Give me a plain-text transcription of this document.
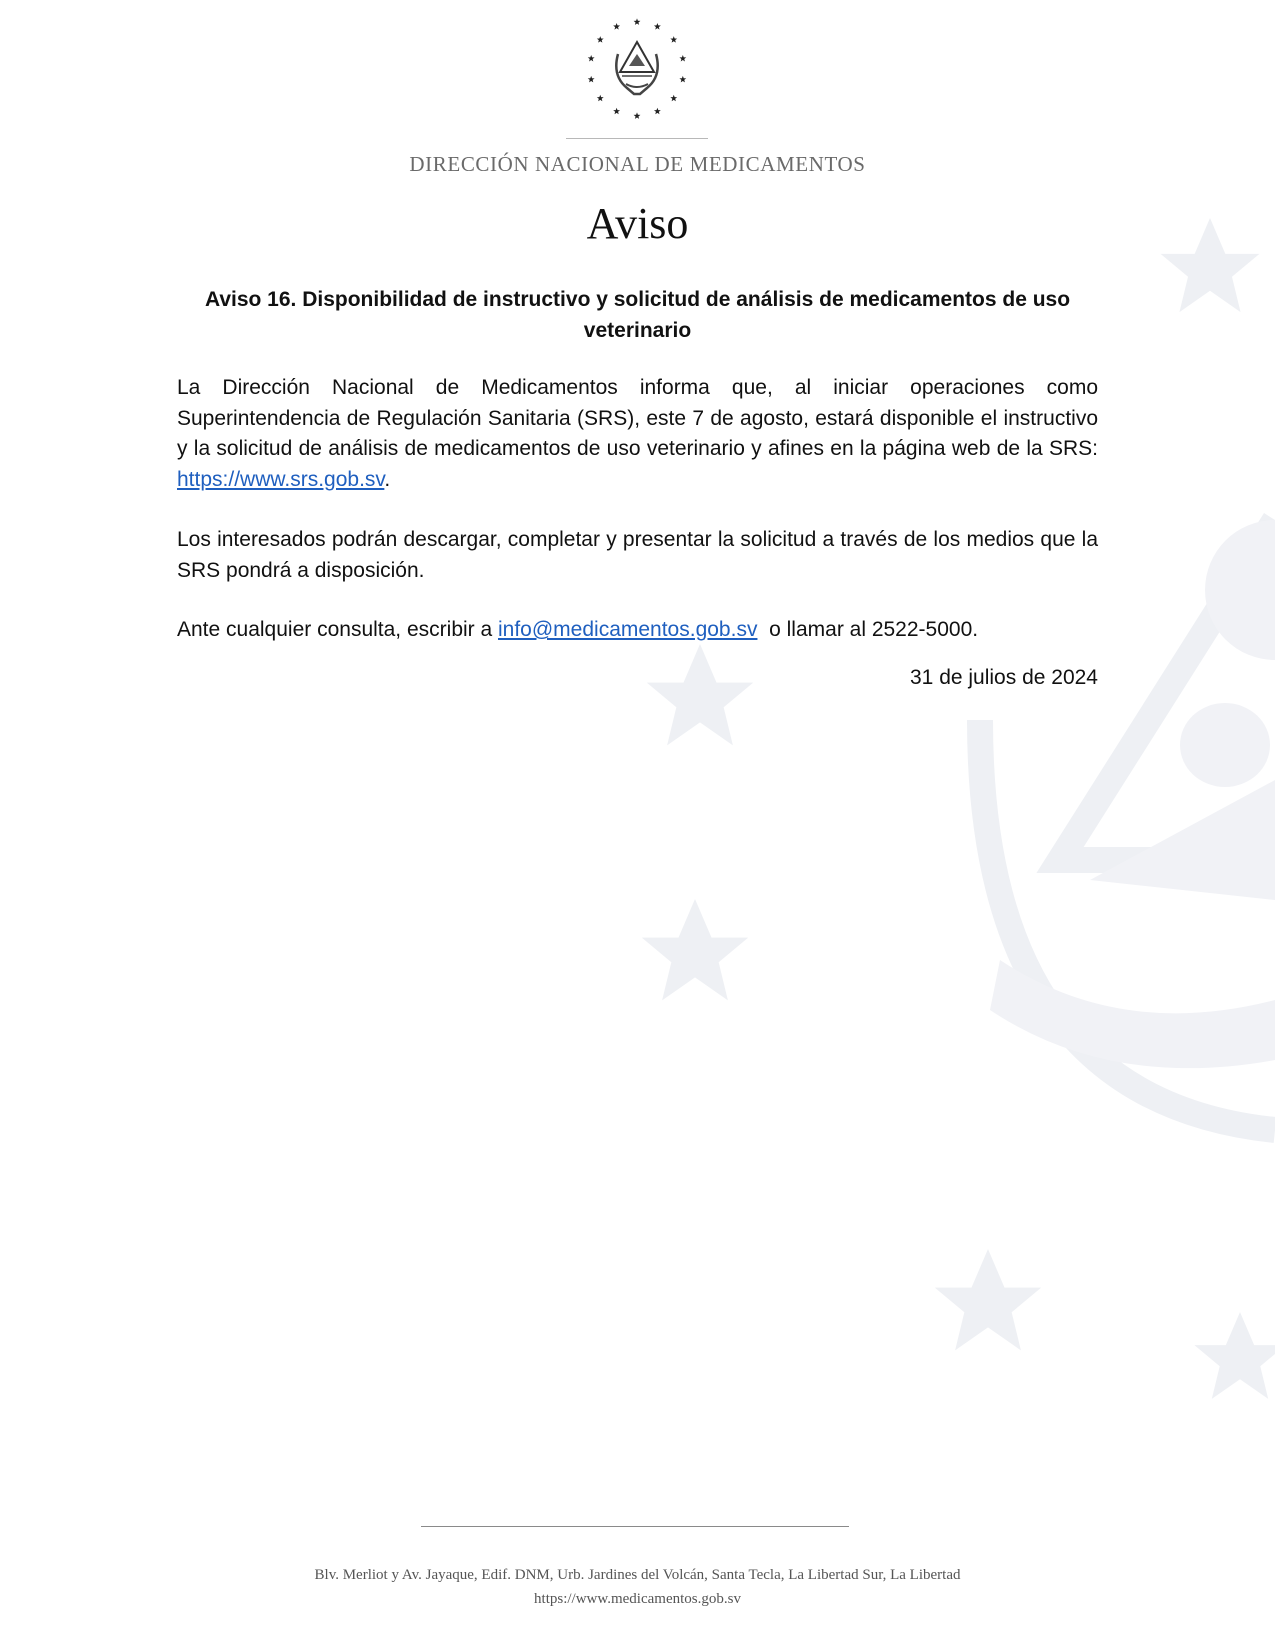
DIRECCIÓN NACIONAL DE MEDICAMENTOS
Aviso
Aviso 16. Disponibilidad de instructivo y solicitud de análisis de medicamentos de uso veterinario
La Dirección Nacional de Medicamentos informa que, al iniciar operaciones como Superintendencia de Regulación Sanitaria (SRS), este 7 de agosto, estará disponible el instructivo y la solicitud de análisis de medicamentos de uso veterinario y afines en la página web de la SRS: https://www.srs.gob.sv.
Los interesados podrán descargar, completar y presentar la solicitud a través de los medios que la SRS pondrá a disposición.
Ante cualquier consulta, escribir a info@medicamentos.gob.sv  o llamar al 2522-5000.
31 de julios de 2024
Blv. Merliot y Av. Jayaque, Edif. DNM, Urb. Jardines del Volcán, Santa Tecla, La Libertad Sur, La Libertad
https://www.medicamentos.gob.sv
